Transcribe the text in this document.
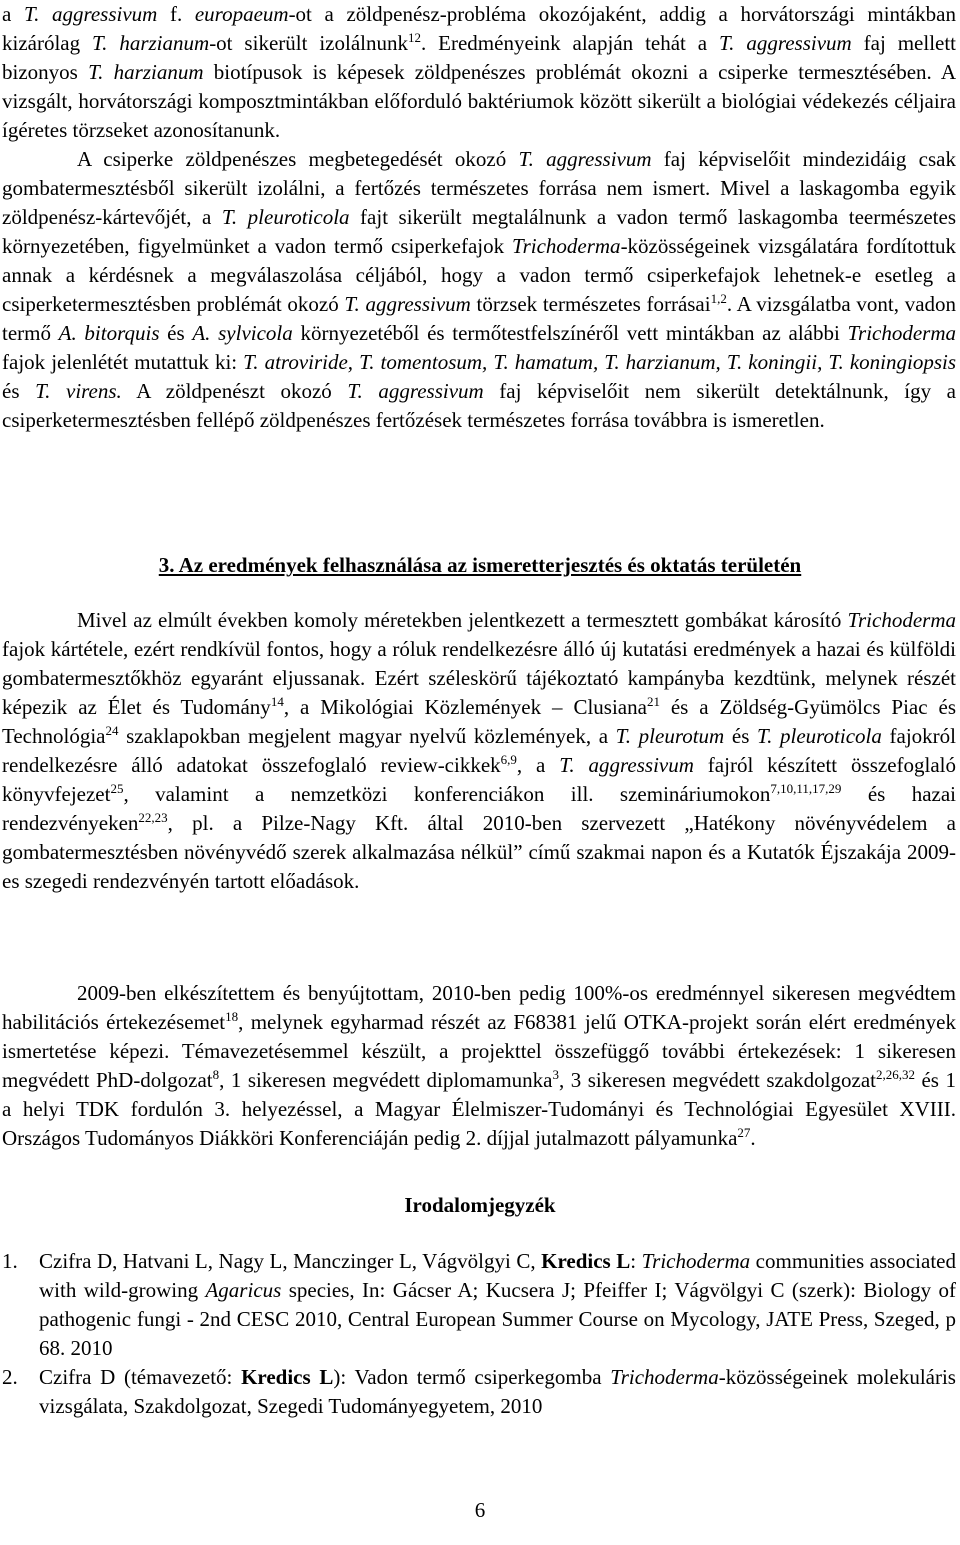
a T. aggressivum f. europaeum-ot a zöldpenész-probléma okozójaként, addig a horvátországi mintákban kizárólag T. harzianum-ot sikerült izolálnunk$^{12}$. Eredményeink alapján tehát a T. aggressivum faj mellett bizonyos T. harzianum biotípusok is képesek zöldpenészes problémát okozni a csiperke termesztésében. A vizsgált, horvátországi komposztmintákban előforduló baktériumok között sikerült a biológiai védekezés céljaira ígéretes törzseket azonosítanunk.

A csiperke zöldpenészes megbetegedését okozó T. aggressivum faj képviselőit mindezidáig csak gombatermesztésből sikerült izolálni, a fertőzés természetes forrása nem ismert. Mivel a laskagomba egyik zöldpenész-kártevőjét, a T. pleuroticola fajt sikerült megtalálnunk a vadon termő laskagomba teermészetes környezetében, figyelmünket a vadon termő csiperkefajok Trichoderma-közösségeinek vizsgálatára fordítottuk annak a kérdésnek a megválaszolása céljából, hogy a vadon termő csiperkefajok lehetnek-e esetleg a csiperketermesztésben problémát okozó T. aggressivum törzsek természetes forrásai$^{1,2}$. A vizsgálatba vont, vadon termő A. bitorquis és A. sylvicola környezetéből és termőtestfelszínéről vett mintákban az alábbi Trichoderma fajok jelenlétét mutattuk ki: T. atroviride, T. tomentosum, T. hamatum, T. harzianum, T. koningii, T. koningiopsis és T. virens. A zöldpenészt okozó T. aggressivum faj képviselőit nem sikerült detektálnunk, így a csiperketermesztésben fellépő zöldpenészes fertőzések természetes forrása továbbra is ismeretlen.

3. Az eredmények felhasználása az ismeretterjesztés és oktatás területén

Mivel az elmúlt években komoly méretekben jelentkezett a termesztett gombákat károsító Trichoderma fajok kártétele, ezért rendkívül fontos, hogy a róluk rendelkezésre álló új kutatási eredmények a hazai és külföldi gombatermesztőkhöz egyaránt eljussanak. Ezért széleskörű tájékoztató kampányba kezdtünk, melynek részét képezik az Élet és Tudomány$^{14}$, a Mikológiai Közlemények – Clusiana$^{21}$ és a Zöldség-Gyümölcs Piac és Technológia$^{24}$ szaklapokban megjelent magyar nyelvű közlemények, a T. pleurotum és T. pleuroticola fajokról rendelkezésre álló adatokat összefoglaló review-cikkek$^{6,9}$, a T. aggressivum fajról készített összefoglaló könyvfejezet$^{25}$, valamint a nemzetközi konferenciákon ill. szemináriumokon$^{7,10,11,17,29}$ és hazai rendezvényeken$^{22,23}$, pl. a Pilze-Nagy Kft. által 2010-ben szervezett „Hatékony növényvédelem a gombatermesztésben növényvédő szerek alkalmazása nélkül” című szakmai napon és a Kutatók Éjszakája 2009-es szegedi rendezvényén tartott előadások.

2009-ben elkészítettem és benyújtottam, 2010-ben pedig 100%-os eredménnyel sikeresen megvédtem habilitációs értekezésemet$^{18}$, melynek egyharmad részét az F68381 jelű OTKA-projekt során elért eredmények ismertetése képezi. Témavezetésemmel készült, a projekttel összefüggő további értekezések: 1 sikeresen megvédett PhD-dolgozat$^8$, 1 sikeresen megvédett diplomamunka$^3$, 3 sikeresen megvédett szakdolgozat$^{2,26,32}$ és 1 a helyi TDK fordulón 3. helyezéssel, a Magyar Élelmiszer-Tudományi és Technológiai Egyesület XVIII. Országos Tudományos Diákköri Konferenciáján pedig 2. díjjal jutalmazott pályamunka$^{27}$.

Irodalomjegyzék
1. Czifra D, Hatvani L, Nagy L, Manczinger L, Vágvölgyi C, Kredics L: Trichoderma communities associated with wild-growing Agaricus species, In: Gácser A; Kucsera J; Pfeiffer I; Vágvölgyi C (szerk): Biology of pathogenic fungi - 2nd CESC 2010, Central European Summer Course on Mycology, JATE Press, Szeged, p 68. 2010
2. Czifra D (témavezető: Kredics L): Vadon termő csiperkegomba Trichoderma-közösségeinek molekuláris vizsgálata, Szakdolgozat, Szegedi Tudományegyetem, 2010
6
